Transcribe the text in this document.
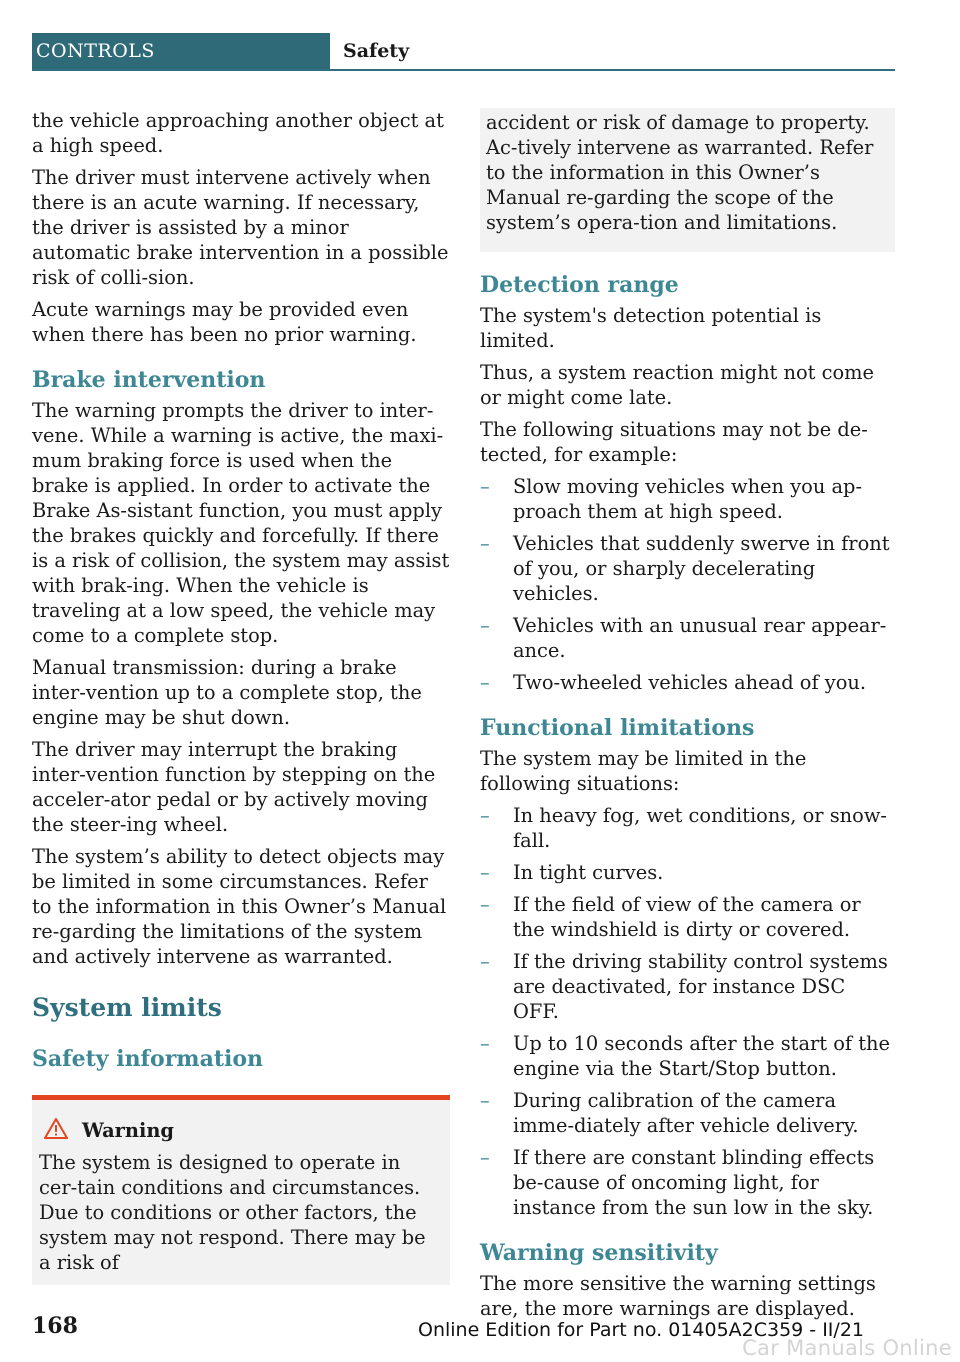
CONTROLS	Safety

the vehicle approaching another object at a high speed.

The driver must intervene actively when there is an acute warning. If necessary, the driver is assisted by a minor automatic brake intervention in a possible risk of colli‐sion.

Acute warnings may be provided even when there has been no prior warning.

Brake intervention

The warning prompts the driver to inter‐vene. While a warning is active, the maxi‐mum braking force is used when the brake is applied. In order to activate the Brake As‐sistant function, you must apply the brakes quickly and forcefully. If there is a risk of collision, the system may assist with brak‐ing. When the vehicle is traveling at a low speed, the vehicle may come to a complete stop.

Manual transmission: during a brake inter‐vention up to a complete stop, the engine may be shut down.

The driver may interrupt the braking inter‐vention function by stepping on the acceler‐ator pedal or by actively moving the steer‐ing wheel.

The system’s ability to detect objects may be limited in some circumstances. Refer to the information in this Owner’s Manual re‐garding the limitations of the system and actively intervene as warranted.

System limits
Safety information
Warning

The system is designed to operate in cer‐tain conditions and circumstances. Due to conditions or other factors, the system may not respond. There may be a risk of

accident or risk of damage to property. Ac‐tively intervene as warranted. Refer to the information in this Owner’s Manual re‐garding the scope of the system’s opera‐tion and limitations.

Detection range

The system's detection potential is limited.

Thus, a system reaction might not come or might come late.

The following situations may not be de‐tected, for example:

–	Slow moving vehicles when you ap‐proach them at high speed.
–	Vehicles that suddenly swerve in front of you, or sharply decelerating vehicles.
–	Vehicles with an unusual rear appear‐ance.
–	Two-wheeled vehicles ahead of you.
Functional limitations

The system may be limited in the following situations:

–	In heavy fog, wet conditions, or snow‐fall.
–	In tight curves.
–	If the field of view of the camera or the windshield is dirty or covered.
–	If the driving stability control systems are deactivated, for instance DSC OFF.
–	Up to 10 seconds after the start of the engine via the Start/Stop button.
–	During calibration of the camera imme‐diately after vehicle delivery.
–	If there are constant blinding effects be‐cause of oncoming light, for instance from the sun low in the sky.
Warning sensitivity

The more sensitive the warning settings are, the more warnings are displayed.

168	Online Edition for Part no. 01405A2C359 - II/21
Car Manuals Online
